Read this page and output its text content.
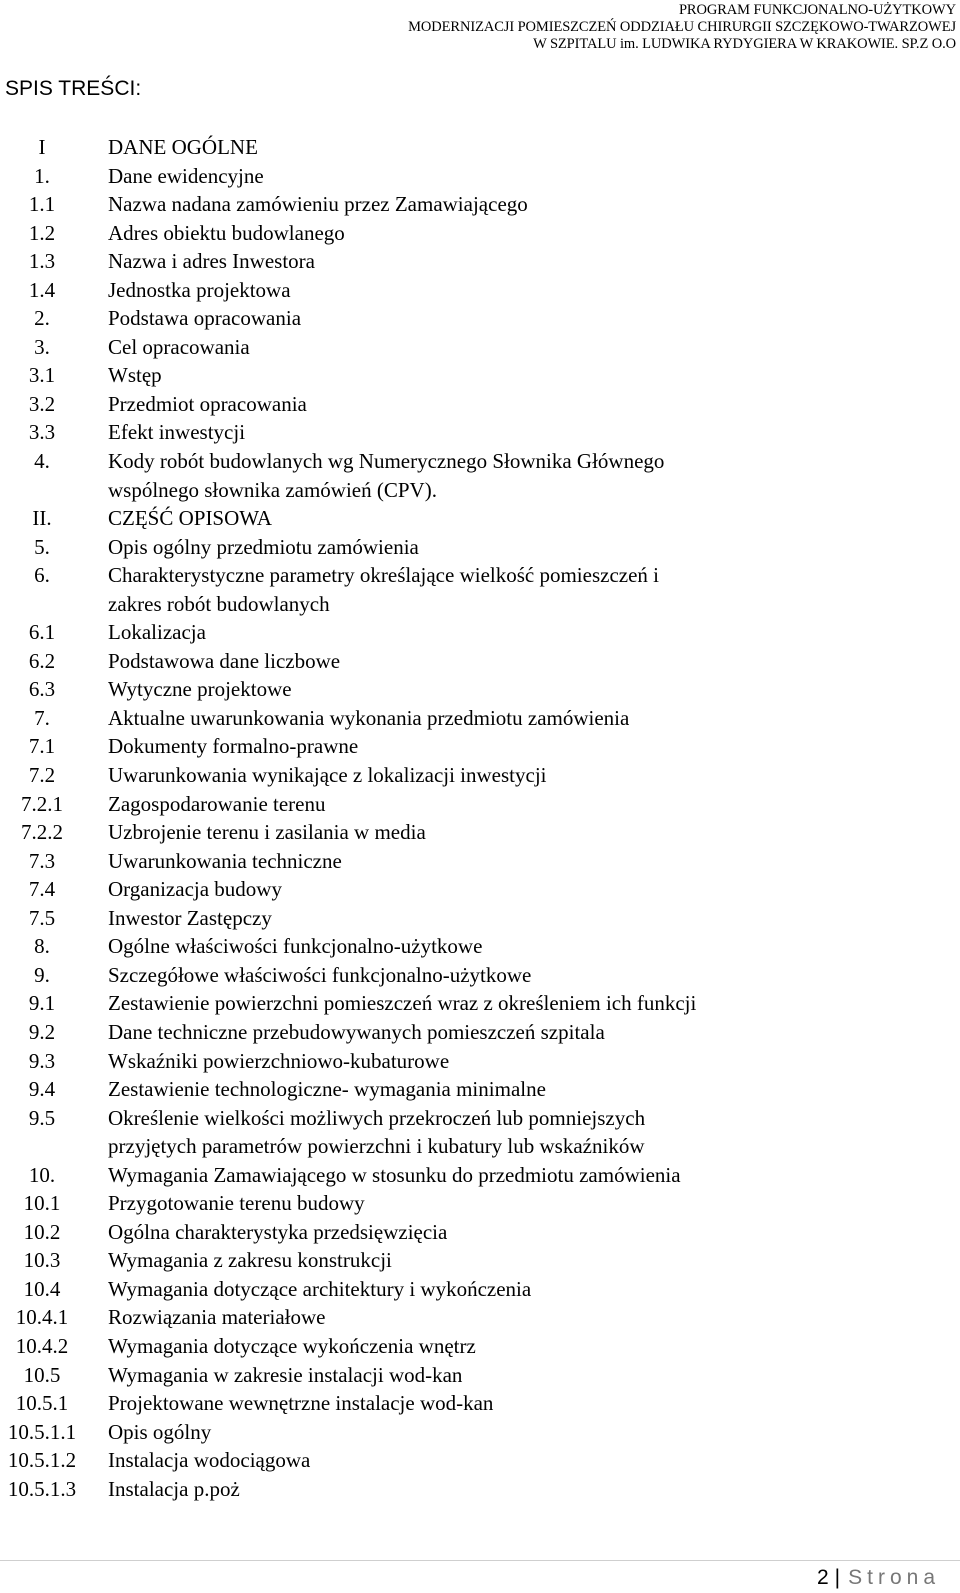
PROGRAM FUNKCJONALNO-UŻYTKOWY
MODERNIZACJI POMIESZCZEŃ ODDZIAŁU CHIRURGII SZCZĘKOWO-TWARZOWEJ
W SZPITALU im. LUDWIKA RYDYGIERA W KRAKOWIE. SP.Z O.O
SPIS TREŚCI:
I	DANE OGÓLNE
1.	Dane ewidencyjne
1.1	Nazwa nadana zamówieniu przez Zamawiającego
1.2	Adres obiektu budowlanego
1.3	Nazwa i adres Inwestora
1.4	Jednostka projektowa
2.	Podstawa opracowania
3.	Cel opracowania
3.1	Wstęp
3.2	Przedmiot opracowania
3.3	Efekt inwestycji
4.	Kody robót budowlanych wg Numerycznego Słownika Głównego
wspólnego słownika zamówień (CPV).
II.	CZĘŚĆ OPISOWA
5.	Opis ogólny przedmiotu zamówienia
6.	Charakterystyczne parametry określające wielkość pomieszczeń i
zakres robót budowlanych
6.1	Lokalizacja
6.2	Podstawowa dane liczbowe
6.3	Wytyczne projektowe
7.	Aktualne uwarunkowania wykonania przedmiotu zamówienia
7.1	Dokumenty formalno-prawne
7.2	Uwarunkowania wynikające z lokalizacji inwestycji
7.2.1	Zagospodarowanie terenu
7.2.2	Uzbrojenie terenu i zasilania w media
7.3	Uwarunkowania techniczne
7.4	Organizacja budowy
7.5	Inwestor Zastępczy
8.	Ogólne właściwości funkcjonalno-użytkowe
9.	Szczegółowe właściwości funkcjonalno-użytkowe
9.1	Zestawienie powierzchni pomieszczeń wraz z określeniem ich funkcji
9.2	Dane techniczne przebudowywanych pomieszczeń szpitala
9.3	Wskaźniki powierzchniowo-kubaturowe
9.4	Zestawienie technologiczne- wymagania minimalne
9.5	Określenie wielkości możliwych przekroczeń lub pomniejszych
przyjętych parametrów powierzchni i kubatury lub wskaźników
10.	Wymagania Zamawiającego w stosunku do przedmiotu zamówienia
10.1	Przygotowanie terenu budowy
10.2	Ogólna charakterystyka przedsięwzięcia
10.3	Wymagania z zakresu konstrukcji
10.4	Wymagania dotyczące architektury i wykończenia
10.4.1	Rozwiązania materiałowe
10.4.2	Wymagania dotyczące wykończenia wnętrz
10.5	Wymagania w zakresie instalacji wod-kan
10.5.1	Projektowane wewnętrzne instalacje wod-kan
10.5.1.1	Opis ogólny
10.5.1.2	Instalacja wodociągowa
10.5.1.3	Instalacja p.poż
2 | Strona
